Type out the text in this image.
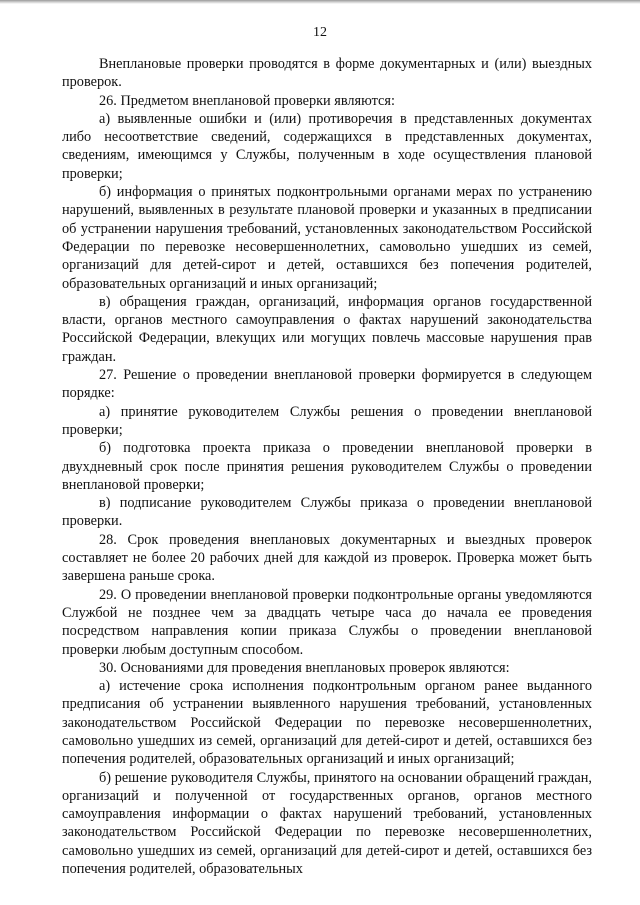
12

Внеплановые проверки проводятся в форме документарных и (или) выездных проверок.

26. Предметом внеплановой проверки являются:

а) выявленные ошибки и (или) противоречия в представленных документах либо несоответствие сведений, содержащихся в представленных документах, сведениям, имеющимся у Службы, полученным в ходе осуществления плановой проверки;

б) информация о принятых подконтрольными органами мерах по устранению нарушений, выявленных в результате плановой проверки и указанных в предписании об устранении нарушения требований, установленных законодательством Российской Федерации по перевозке несовершеннолетних, самовольно ушедших из семей, организаций для детей-сирот и детей, оставшихся без попечения родителей, образовательных организаций и иных организаций;

в) обращения граждан, организаций, информация органов государственной власти, органов местного самоуправления о фактах нарушений законодательства Российской Федерации, влекущих или могущих повлечь массовые нарушения прав граждан.

27. Решение о проведении внеплановой проверки формируется в следующем порядке:

а) принятие руководителем Службы решения о проведении внеплановой проверки;

б) подготовка проекта приказа о проведении внеплановой проверки в двухдневный срок после принятия решения руководителем Службы о проведении внеплановой проверки;

в) подписание руководителем Службы приказа о проведении внеплановой проверки.

28. Срок проведения внеплановых документарных и выездных проверок составляет не более 20 рабочих дней для каждой из проверок. Проверка может быть завершена раньше срока.

29. О проведении внеплановой проверки подконтрольные органы уведомляются Службой не позднее чем за двадцать четыре часа до начала ее проведения посредством направления копии приказа Службы о проведении внеплановой проверки любым доступным способом.

30. Основаниями для проведения внеплановых проверок являются:

а) истечение срока исполнения подконтрольным органом ранее выданного предписания об устранении выявленного нарушения требований, установленных законодательством Российской Федерации по перевозке несовершеннолетних, самовольно ушедших из семей, организаций для детей-сирот и детей, оставшихся без попечения родителей, образовательных организаций и иных организаций;

б) решение руководителя Службы, принятого на основании обращений граждан, организаций и полученной от государственных органов, органов местного самоуправления информации о фактах нарушений требований, установленных законодательством Российской Федерации по перевозке несовершеннолетних, самовольно ушедших из семей, организаций для детей-сирот и детей, оставшихся без попечения родителей, образовательных
